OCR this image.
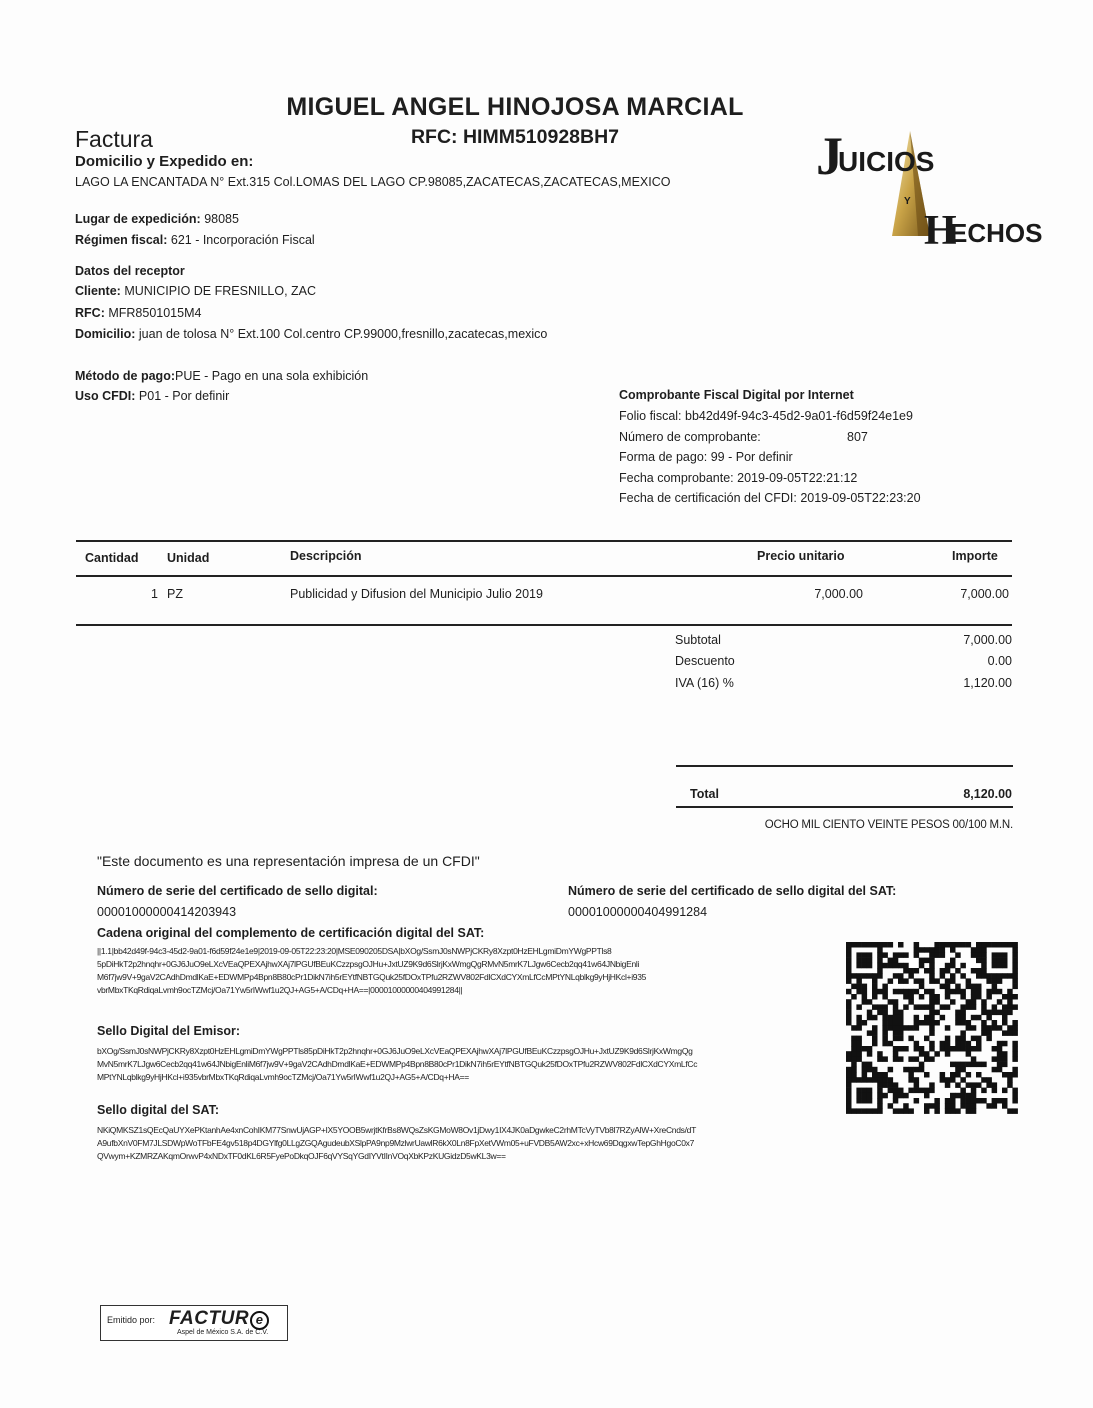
MIGUEL ANGEL HINOJOSA MARCIAL
Factura	RFC: HIMM510928BH7
Domicilio y Expedido en:
LAGO LA ENCANTADA N° Ext.315 Col.LOMAS DEL LAGO CP.98085,ZACATECAS,ZACATECAS,MEXICO
Lugar de expedición: 98085
Régimen fiscal: 621 - Incorporación Fiscal
J
UICIOS
Y
H
ECHOS
Datos del receptor
Cliente: MUNICIPIO DE FRESNILLO, ZAC
RFC: MFR8501015M4
Domicilio: juan de tolosa N° Ext.100 Col.centro CP.99000,fresnillo,zacatecas,mexico
Método de pago:PUE - Pago en una sola exhibición
Uso CFDI: P01 - Por definir	Comprobante Fiscal Digital por Internet
Folio fiscal: bb42d49f-94c3-45d2-9a01-f6d59f24e1e9
Número de comprobante:	807
Forma de pago: 99 - Por definir
Fecha comprobante: 2019-09-05T22:21:12
Fecha de certificación del CFDI: 2019-09-05T22:23:20
Cantidad Unidad	Descripción	Precio unitario	Importe
1 PZ	Publicidad y Difusion del Municipio Julio 2019	7,000.00	7,000.00
Subtotal	7,000.00
Descuento	0.00
IVA (16) %	1,120.00
Total	8,120.00
OCHO MIL CIENTO VEINTE PESOS 00/100 M.N.
"Este documento es una representación impresa de un CFDI"
Número de serie del certificado de sello digital:
00001000000414203943
Número de serie del certificado de sello digital del SAT:
00001000000404991284
Cadena original del complemento de certificación digital del SAT:
||1.1|bb42d49f-94c3-45d2-9a01-f6d59f24e1e9|2019-09-05T22:23:20|MSE090205DSA|bXOg/SsmJ0sNWPjCKRy8Xzpt0HzEHLgmiDmYWgPPTls8
5pDiHkT2p2hnqhr+0GJ6JuO9eLXcVEaQPEXAjhwXAj7lPGUfBEuKCzzpsgOJHu+JxtUZ9K9d6SlrjKxWmgQgRMvN5mrK7LJgw6Cecb2qq41w64JNbigEnli
M6f7jw9V+9gaV2CAdhDmdlKaE+EDWMPp4Bpn8B80cPr1DikN7ih5rEYtfNBTGQuk25fDOxTPfu2RZWV802FdlCXdCYXmLfCcMPtYNLqblkg9yHjHKcl+i935
vbrMbxTKqRdiqaLvmh9ocTZMcj/Oa71Yw5rIWwf1u2QJ+AG5+A/CDq+HA==|00001000000404991284||
Sello Digital del Emisor:
bXOg/SsmJ0sNWPjCKRy8Xzpt0HzEHLgmiDmYWgPPTls85pDiHkT2p2hnqhr+0GJ6JuO9eLXcVEaQPEXAjhwXAj7lPGUfBEuKCzzpsgOJHu+JxtUZ9K9d6SlrjKxWmgQg
MvN5mrK7LJgw6Cecb2qq41w64JNbigEnliM6f7jw9V+9gaV2CAdhDmdlKaE+EDWMPp4Bpn8B80cPr1DikN7ih5rEYtfNBTGQuk25fDOxTPfu2RZWV802FdlCXdCYXmLfCc
MPtYNLqblkg9yHjHKcl+i935vbrMbxTKqRdiqaLvmh9ocTZMcj/Oa71Yw5rIWwf1u2QJ+AG5+A/CDq+HA==
Sello digital del SAT:
NKiQMKSZ1sQEcQaUYXePKtanhAe4xnCohIKM77SnwUjAGP+IX5YOOB5wrjtKfrBs8WQsZsKGMoW8Ov1jDwy1IX4JK0aDgwkeC2rhMTcVyTVb8l7RZyAlW+XreCnds/dT
A9ufbXnV0FM7JLSDWpWoTFbFE4gv518p4DGYlfg0LLgZGQAgudeubXSlpPA9np9MzlwrUawlR6kX0Ln8FpXetVWm05+uFVDB5AW2xc+xHcw69DqgxwTepGhHgoC0x7
QVwym+KZMRZAKqmOrwvP4xNDxTF0dKL6R5FyePoDkqOJF6qVYSqYGdIYVtIInVOqXbKPzKUGidzD5wKL3w==
Emitido por: FACTUR e
Aspel de México S.A. de C.V.
